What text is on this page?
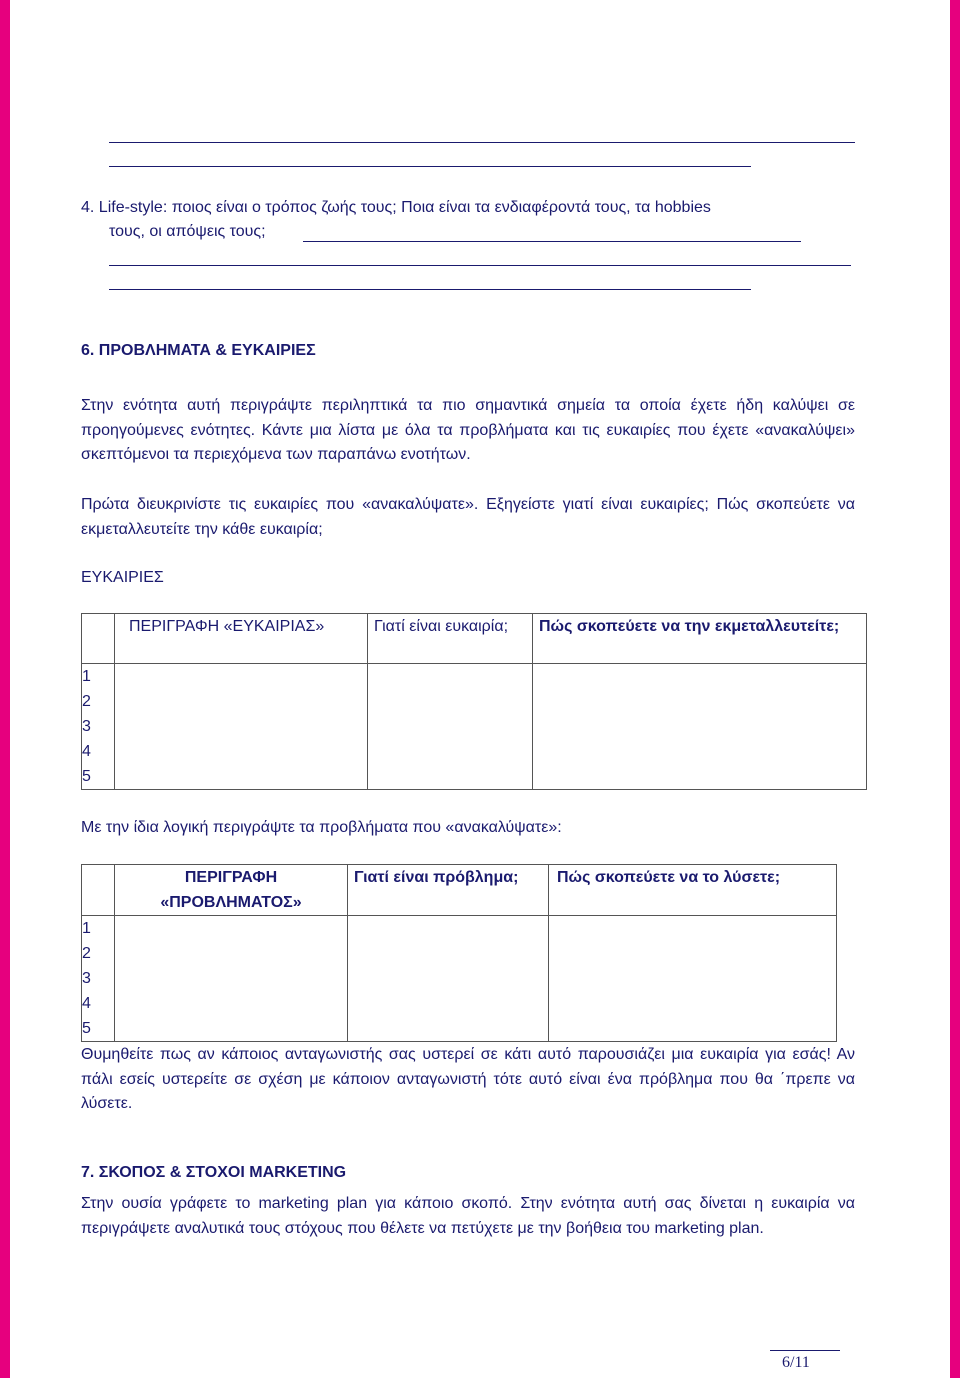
4. Life-style: ποιος είναι ο τρόπος ζωής τους; Ποια είναι τα ενδιαφέροντά τους, τα hobbies
τους, οι απόψεις τους;
6. ΠΡΟΒΛΗΜΑΤΑ & ΕΥΚΑΙΡΙΕΣ

Στην ενότητα αυτή περιγράψτε περιληπτικά τα πιο σημαντικά σημεία τα οποία έχετε ήδη καλύψει σε προηγούμενες ενότητες. Κάντε μια λίστα με όλα τα προβλήματα και τις ευκαιρίες που έχετε «ανακαλύψει» σκεπτόμενοι τα περιεχόμενα των παραπάνω ενοτήτων.

Πρώτα διευκρινίστε τις ευκαιρίες που «ανακαλύψατε». Εξηγείστε γιατί είναι ευκαιρίες; Πώς σκοπεύετε να εκμεταλλευτείτε την κάθε ευκαιρία;

ΕΥΚΑΙΡΙΕΣ
	ΠΕΡΙΓΡΑΦΗ «ΕΥΚΑΙΡΙΑΣ»	Γιατί είναι ευκαιρία;	Πώς σκοπεύετε να την εκμεταλλευτείτε;

1
2
3
4
5			

Με την ίδια λογική περιγράψτε τα προβλήματα που «ανακαλύψατε»:
	ΠΕΡΙΓΡΑΦΗ «ΠΡΟΒΛΗΜΑΤΟΣ»	Γιατί είναι πρόβλημα;	Πώς σκοπεύετε να το λύσετε;

1
2
3
4
5			

Θυμηθείτε πως αν κάποιος ανταγωνιστής σας υστερεί σε κάτι αυτό παρουσιάζει μια ευκαιρία για εσάς! Αν πάλι εσείς υστερείτε σε σχέση με κάποιον ανταγωνιστή τότε αυτό είναι ένα πρόβλημα που θα ΄πρεπε να λύσετε.

7. ΣΚΟΠΟΣ & ΣΤΟΧΟΙ MARKETING

Στην ουσία γράφετε το marketing plan για κάποιο σκοπό. Στην ενότητα αυτή σας δίνεται η ευκαιρία να περιγράψετε αναλυτικά τους στόχους που θέλετε να πετύχετε με την βοήθεια του marketing plan.

6/11
